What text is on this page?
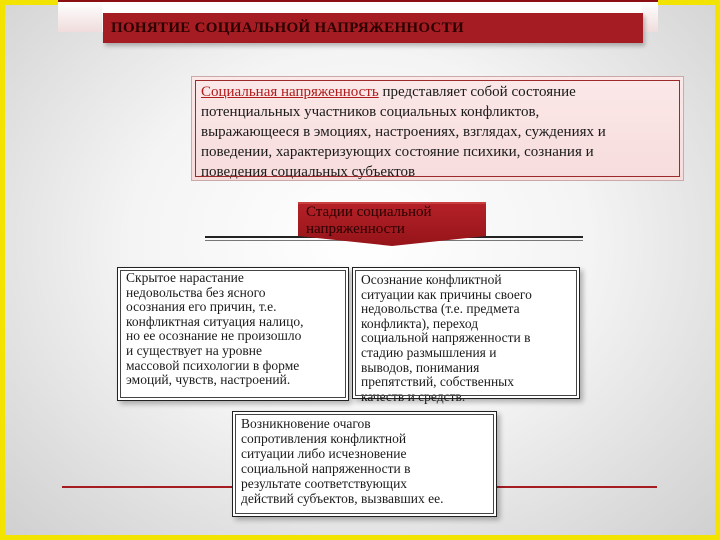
ПОНЯТИЕ СОЦИАЛЬНОЙ НАПРЯЖЕННОСТИ
Социальная напряженность представляет собой состояние
потенциальных участников социальных конфликтов,
выражающееся в эмоциях, настроениях, взглядах, суждениях и
поведении, характеризующих состояние психики, сознания и
поведения социальных субъектов
Стадии социальной
напряженности
Скрытое нарастание
недовольства без ясного
осознания его причин, т.е.
конфликтная ситуация налицо,
но ее осознание не произошло
и существует на уровне
массовой психологии в форме
эмоций, чувств, настроений.
Осознание конфликтной
ситуации как причины своего
недовольства (т.е. предмета
конфликта), переход
социальной напряженности в
стадию размышления и
выводов, понимания
препятствий, собственных
качеств и средств.
Возникновение очагов
сопротивления конфликтной
ситуации либо исчезновение
социальной напряженности в
результате соответствующих
действий субъектов, вызвавших ее.
